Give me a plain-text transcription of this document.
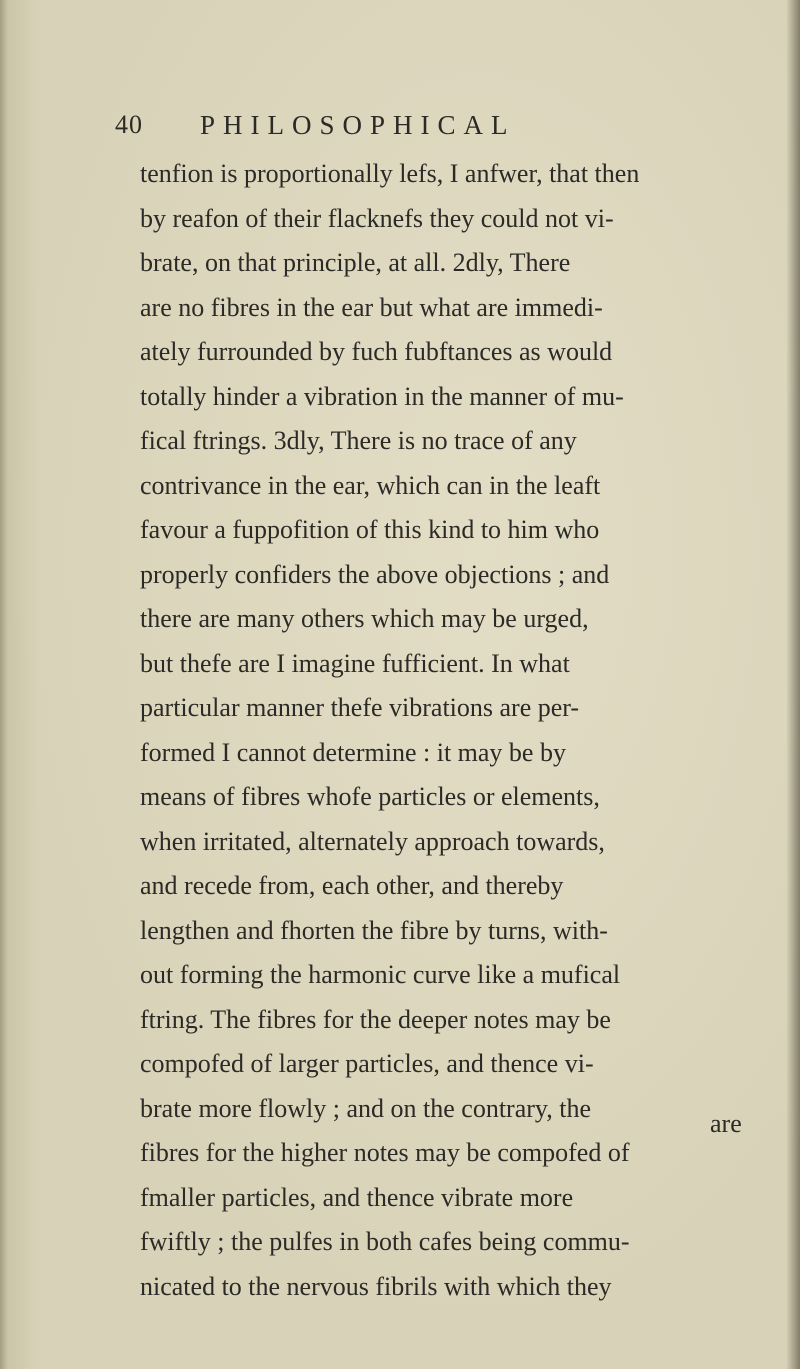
40 PHILOSOPHICAL
tenfion is proportionally lefs, I anfwer, that then
by reafon of their flacknefs they could not vi-
brate, on that principle, at all. 2dly, There
are no fibres in the ear but what are immedi-
ately furrounded by fuch fubftances as would
totally hinder a vibration in the manner of mu-
fical ftrings. 3dly, There is no trace of any
contrivance in the ear, which can in the leaft
favour a fuppofition of this kind to him who
properly confiders the above objections ; and
there are many others which may be urged,
but thefe are I imagine fufficient. In what
particular manner thefe vibrations are per-
formed I cannot determine : it may be by
means of fibres whofe particles or elements,
when irritated, alternately approach towards,
and recede from, each other, and thereby
lengthen and fhorten the fibre by turns, with-
out forming the harmonic curve like a mufical
ftring. The fibres for the deeper notes may be
compofed of larger particles, and thence vi-
brate more flowly ; and on the contrary, the
fibres for the higher notes may be compofed of
fmaller particles, and thence vibrate more
fwiftly ; the pulfes in both cafes being commu-
nicated to the nervous fibrils with which they
are
